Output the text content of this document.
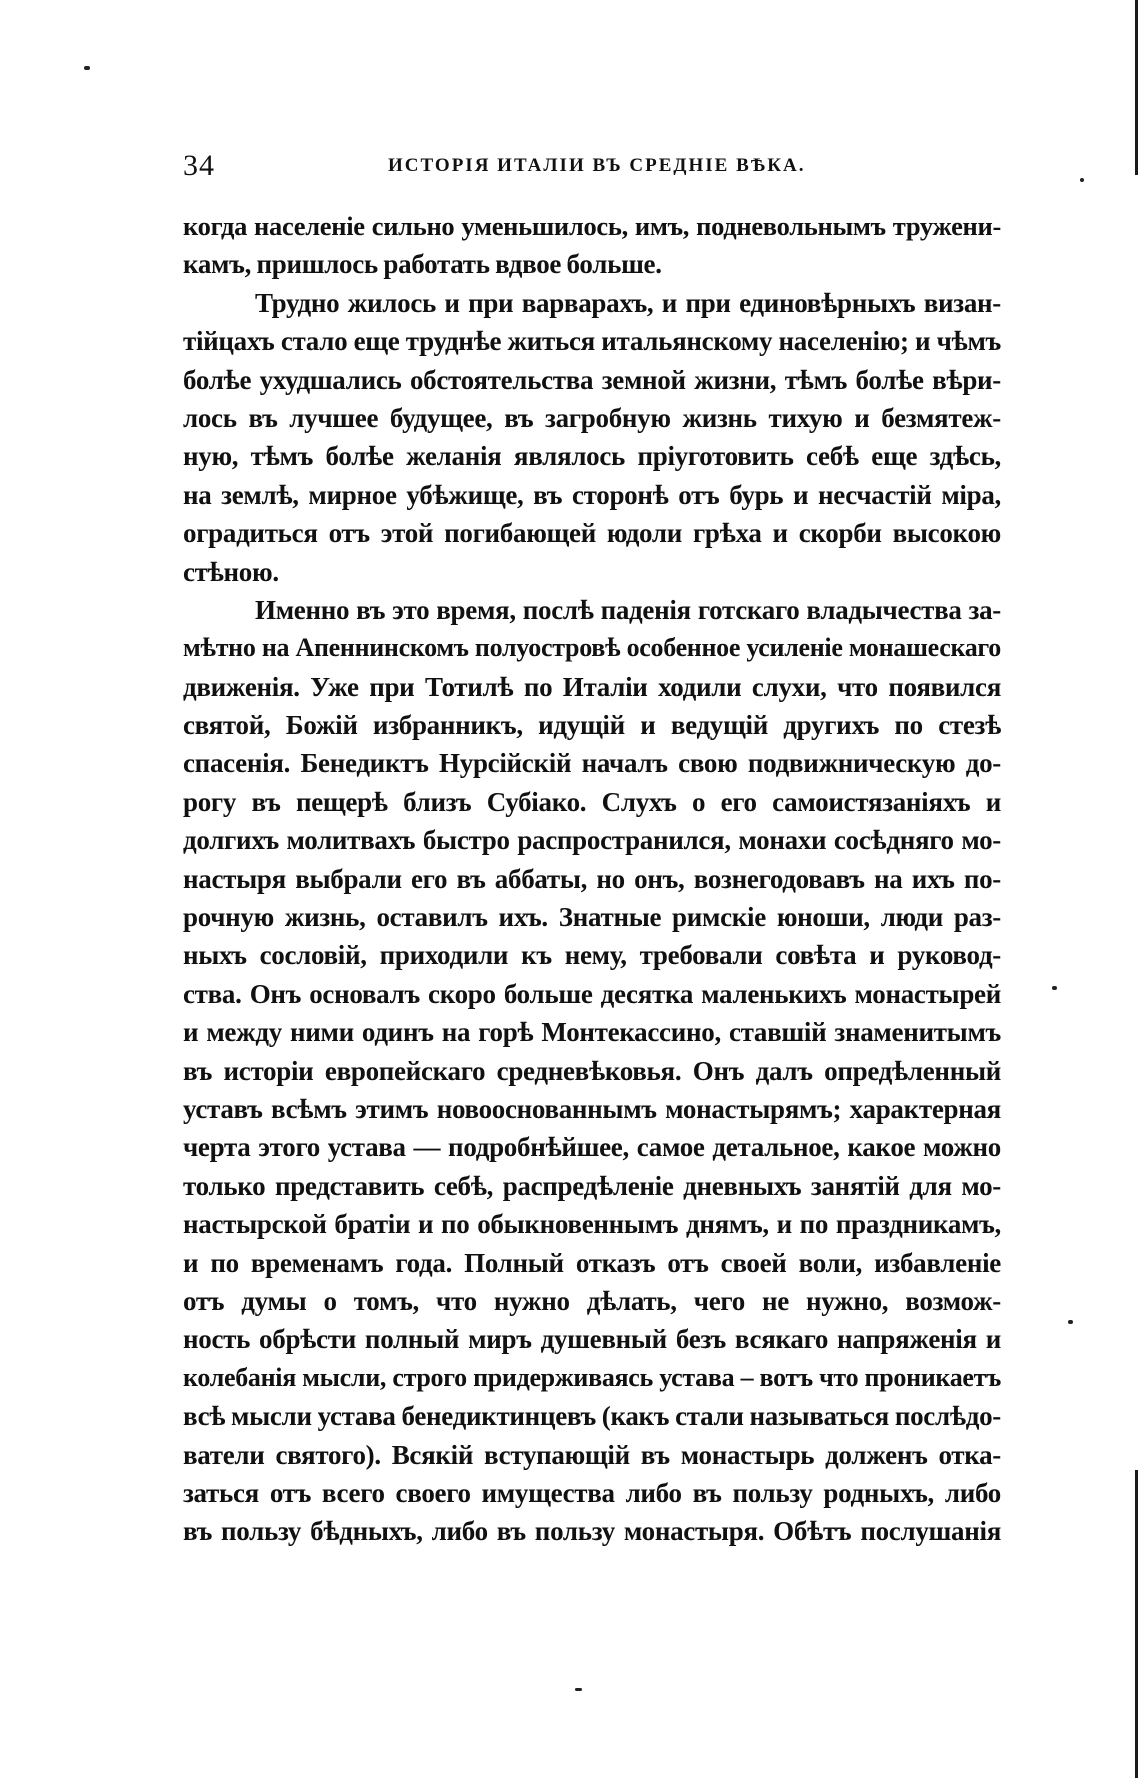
34	ИСТОРІЯ ИТАЛІИ ВЪ СРЕДНІЕ ВѢКА.
когда населеніе сильно уменьшилось, имъ, подневольнымъ тружени-
камъ, пришлось работать вдвое больше.
Трудно жилось и при варварахъ, и при единовѣрныхъ визан-
тійцахъ стало еще труднѣе житься итальянскому населенію; и чѣмъ
болѣе ухудшались обстоятельства земной жизни, тѣмъ болѣе вѣри-
лось въ лучшее будущее, въ загробную жизнь тихую и безмятеж-
ную, тѣмъ болѣе желанія являлось пріуготовить себѣ еще здѣсь,
на землѣ, мирное убѣжище, въ сторонѣ отъ бурь и несчастій міра,
оградиться отъ этой погибающей юдоли грѣха и скорби высокою
стѣною.
Именно въ это время, послѣ паденія готскаго владычества за-
мѣтно на Апеннинскомъ полуостровѣ особенное усиленіе монашескаго
движенія. Уже при Тотилѣ по Италіи ходили слухи, что появился
святой, Божій избранникъ, идущій и ведущій другихъ по стезѣ
спасенія. Бенедиктъ Нурсійскій началъ свою подвижническую до-
рогу въ пещерѣ близъ Субіако. Слухъ о его самоистязаніяхъ и
долгихъ молитвахъ быстро распространился, монахи сосѣдняго мо-
настыря выбрали его въ аббаты, но онъ, вознегодовавъ на ихъ по-
рочную жизнь, оставилъ ихъ. Знатные римскіе юноши, люди раз-
ныхъ сословій, приходили къ нему, требовали совѣта и руковод-
ства. Онъ основалъ скоро больше десятка маленькихъ монастырей
и между ними одинъ на горѣ Монтекассино, ставшій знаменитымъ
въ исторіи европейскаго средневѣковья. Онъ далъ опредѣленный
уставъ всѣмъ этимъ новооснованнымъ монастырямъ; характерная
черта этого устава — подробнѣйшее, самое детальное, какое можно
только представить себѣ, распредѣленіе дневныхъ занятій для мо-
настырской братіи и по обыкновеннымъ днямъ, и по праздникамъ,
и по временамъ года. Полный отказъ отъ своей воли, избавленіе
отъ думы о томъ, что нужно дѣлать, чего не нужно, возмож-
ность обрѣсти полный миръ душевный безъ всякаго напряженія и
колебанія мысли, строго придерживаясь устава – вотъ что проникаетъ
всѣ мысли устава бенедиктинцевъ (какъ стали называться послѣдо-
ватели святого). Всякій вступающій въ монастырь долженъ отка-
заться отъ всего своего имущества либо въ пользу родныхъ, либо
въ пользу бѣдныхъ, либо въ пользу монастыря. Обѣтъ послушанія
